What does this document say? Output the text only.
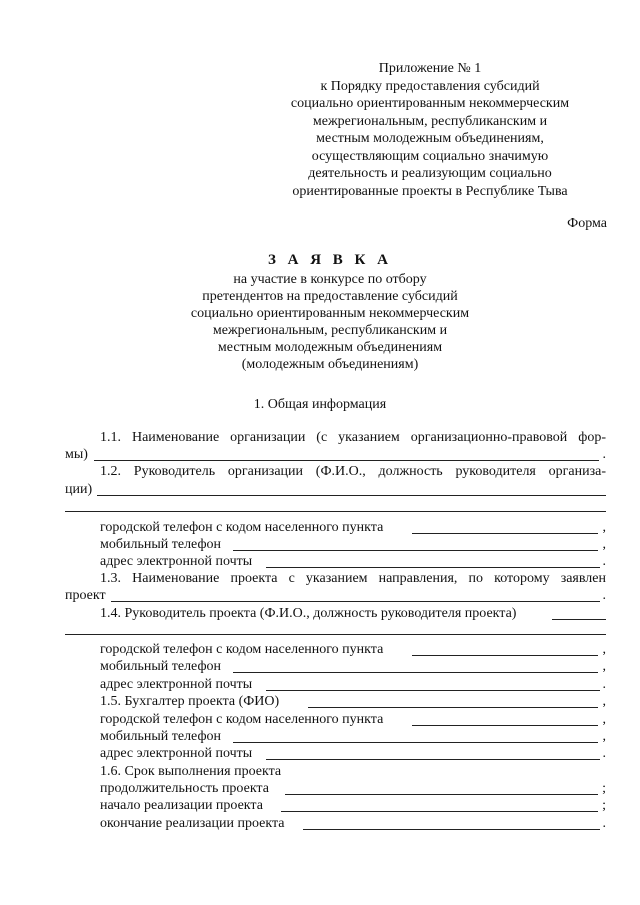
Приложение № 1
к Порядку предоставления субсидий
социально ориентированным некоммерческим
межрегиональным, республиканским и
местным молодежным объединениям,
осуществляющим социально значимую
деятельность и реализующим социально
ориентированные проекты в Республике Тыва
Форма
З А Я В К А
на участие в конкурсе по отбору
претендентов на предоставление субсидий
социально ориентированным некоммерческим
межрегиональным, республиканским и
местным молодежным объединениям
(молодежным объединениям)
1. Общая информация
1.1. Наименование организации (с указанием организационно-правовой фор-
мы)	.
1.2. Руководитель организации (Ф.И.О., должность руководителя организа-
ции)
городской телефон с кодом населенного пункта	,
мобильный телефон	,
адрес электронной почты	.
1.3. Наименование проекта с указанием направления, по которому заявлен
проект	.
1.4. Руководитель проекта (Ф.И.О., должность руководителя проекта)
городской телефон с кодом населенного пункта	,
мобильный телефон	,
адрес электронной почты	.
1.5. Бухгалтер проекта (ФИО)	,
городской телефон с кодом населенного пункта	,
мобильный телефон	,
адрес электронной почты	.
1.6. Срок выполнения проекта
продолжительность проекта	;
начало реализации проекта	;
окончание реализации проекта	.
